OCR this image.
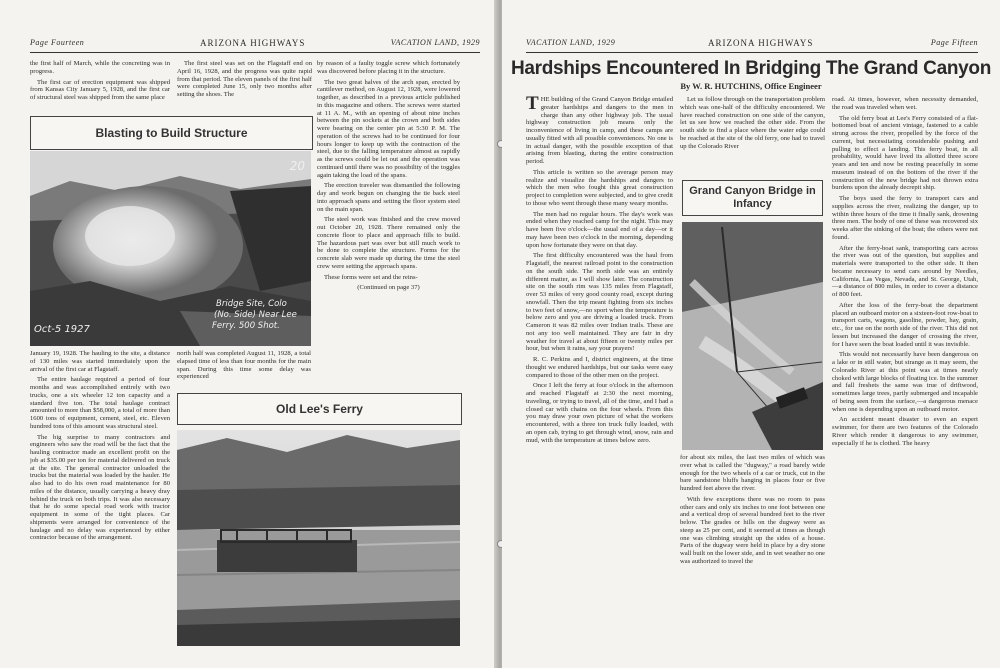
Page Fourteen	ARIZONA HIGHWAYS	VACATION LAND, 1929

the first half of March, while the concreting was in progress.

The first car of erection equipment was shipped from Kansas City January 5, 1928, and the first car of structural steel was shipped from the same place

The first steel was set on the Flagstaff end on April 16, 1928, and the progress was quite rapid from that period. The eleven panels of the first half were completed June 15, only two months after setting the shoes. The

Blasting to Build Structure
20
Bridge Site, Colo
(No. Side) Near Lee
Ferry. 500 Shot.
Oct-5 1927

January 19, 1928. The hauling to the site, a distance of 130 miles was started immediately upon the arrival of the first car at Flagstaff.

The entire haulage required a period of four months and was accomplished entirely with two trucks, one a six wheeler 12 ton capacity and a standard five ton. The total haulage contract amounted to more than $58,000, a total of more than 1600 tons of equipment, cement, steel, etc. Eleven hundred tons of this amount was structural steel.

The big surprise to many contractors and engineers who saw the road will be the fact that the hauling contractor made an excellent profit on the job at $35.00 per ton for material delivered on truck at the site. The general contractor unloaded the trucks but the material was loaded by the hauler. He also had to do his own road maintenance for 80 miles of the distance, usually carrying a heavy dray behind the truck on both trips. It was also necessary that he do some special road work with tractor equipment in some of the tight places. Car shipments were arranged for convenience of the haulage and no delay was experienced by either contractor because of the arrangement.

north half was completed August 11, 1928, a total elapsed time of less than four months for the main span. During this time some delay was experienced

Old Lee's Ferry

by reason of a faulty toggle screw which fortunately was discovered before placing it in the structure.

The two great halves of the arch span, erected by cantilever method, on August 12, 1928, were lowered together, as described in a previous article published in this magazine and others. The screws were started at 11 A. M., with an opening of about nine inches between the pin sockets at the crown and both sides were bearing on the center pin at 5:30 P. M. The operation of the screws had to be continued for four hours longer to keep up with the contraction of the steel, due to the falling temperature almost as rapidly as the screws could be let out and the operation was continued until there was no possibility of the toggles again taking the load of the spans.

The erection traveler was dismantled the following day and work begun on changing the tie back steel into approach spans and setting the floor system steel on the main span.

The steel work was finished and the crew moved out October 20, 1928. There remained only the concrete floor to place and approach fills to build. The hazardous part was over but still much work to be done to complete the structure. Forms for the concrete slab were made up during the time the steel crew were setting the approach spans.

These forms were set and the reins-

(Continued on page 37)

VACATION LAND, 1929	ARIZONA HIGHWAYS	Page Fifteen
Hardships Encountered In Bridging The Grand Canyon
By W. R. HUTCHINS, Office Engineer

THE building of the Grand Canyon Bridge entailed greater hardships and dangers to the men in charge than any other highway job. The usual highway construction job means only the inconvenience of living in camp, and these camps are usually fitted with all possible conveniences. No one is in actual danger, with the possible exception of that arising from blasting, during the entire construction period.

This article is written so the average person may realize and visualize the hardships and dangers to which the men who fought this great construction project to completion were subjected, and to give credit to those who went through these many weary months.

The men had no regular hours. The day's work was ended when they reached camp for the night. This may have been five o'clock—the usual end of a day—or it may have been two o'clock in the morning, depending upon how fortunate they were on that day.

The first difficulty encountered was the haul from Flagstaff, the nearest railroad point to the construction on the south side. The north side was an entirely different matter, as I will show later. The construction site on the south rim was 135 miles from Flagstaff, over 53 miles of very good county road, except during snowfall. Then the trip meant fighting from six inches to two feet of snow,—no sport when the temperature is below zero and you are driving a loaded truck. From Cameron it was 82 miles over Indian trails. These are not any too well maintained. They are fair in dry weather for travel at about fifteen or twenty miles per hour, but when it rains, say your prayers!

R. C. Perkins and I, district engineers, at the time thought we endured hardships, but our tasks were easy compared to those of the other men on the project.

Once I left the ferry at four o'clock in the afternoon and reached Flagstaff at 2:30 the next morning, traveling, or trying to travel, all of the time, and I had a closed car with chains on the four wheels. From this you may draw your own picture of what the workers encountered, with a three ton truck fully loaded, with an open cab, trying to get through wind, snow, rain and mud, with the temperature at times below zero.

Let us follow through on the transportation problem which was one-half of the difficulty encountered. We have reached construction on one side of the canyon, let us see how we reached the other side. From the south side to find a place where the water edge could be reached at the site of the old ferry, one had to travel up the Colorado River

Grand Canyon Bridge in Infancy

for about six miles, the last two miles of which was over what is called the "dugway," a road barely wide enough for the two wheels of a car or truck, cut in the bare sandstone bluffs hanging in places four or five hundred feet above the river.

With few exceptions there was no room to pass other cars and only six inches to one foot between one and a vertical drop of several hundred feet to the river below. The grades or hills on the dugway were as steep as 25 per cent, and it seemed at times as though one was climbing straight up the sides of a house. Parts of the dugway were held in place by a dry stone wall built on the lower side, and in wet weather no one was authorized to travel the

road. At times, however, when necessity demanded, the road was traveled when wet.

The old ferry boat at Lee's Ferry consisted of a flat-bottomed boat of ancient vintage, fastened to a cable strung across the river, propelled by the force of the current, but necessitating considerable pushing and pulling to effect a landing. This ferry boat, in all probability, would have lived its allotted three score years and ten and now be resting peacefully in some museum instead of on the bottom of the river if the construction of the new bridge had not thrown extra burdens upon the already decrepit ship.

The boys used the ferry to transport cars and supplies across the river, realizing the danger, up to within three hours of the time it finally sank, drowning three men. The body of one of these was recovered six weeks after the sinking of the boat; the others were not found.

After the ferry-boat sank, transporting cars across the river was out of the question, but supplies and materials were transported to the other side. It then became necessary to send cars around by Needles, California, Las Vegas, Nevada, and St. George, Utah,—a distance of 800 miles, in order to cover a distance of 800 feet.

After the loss of the ferry-boat the department placed an outboard motor on a sixteen-foot row-boat to transport carts, wagons, gasoline, powder, hay, grain, etc., for use on the north side of the river. This did not lessen but increased the danger of crossing the river, for I have seen the boat loaded until it was invisible.

This would not necessarily have been dangerous on a lake or in still water, but strange as it may seem, the Colorado River at this point was at times nearly choked with large blocks of floating ice. In the summer and fall freshets the same was true of driftwood, sometimes large trees, partly submerged and incapable of being seen from the surface,—a dangerous menace when one is depending upon an outboard motor.

An accident meant disaster to even an expert swimmer, for there are two features of the Colorado River which render it dangerous to any swimmer, especially if he is clothed. The heavy
